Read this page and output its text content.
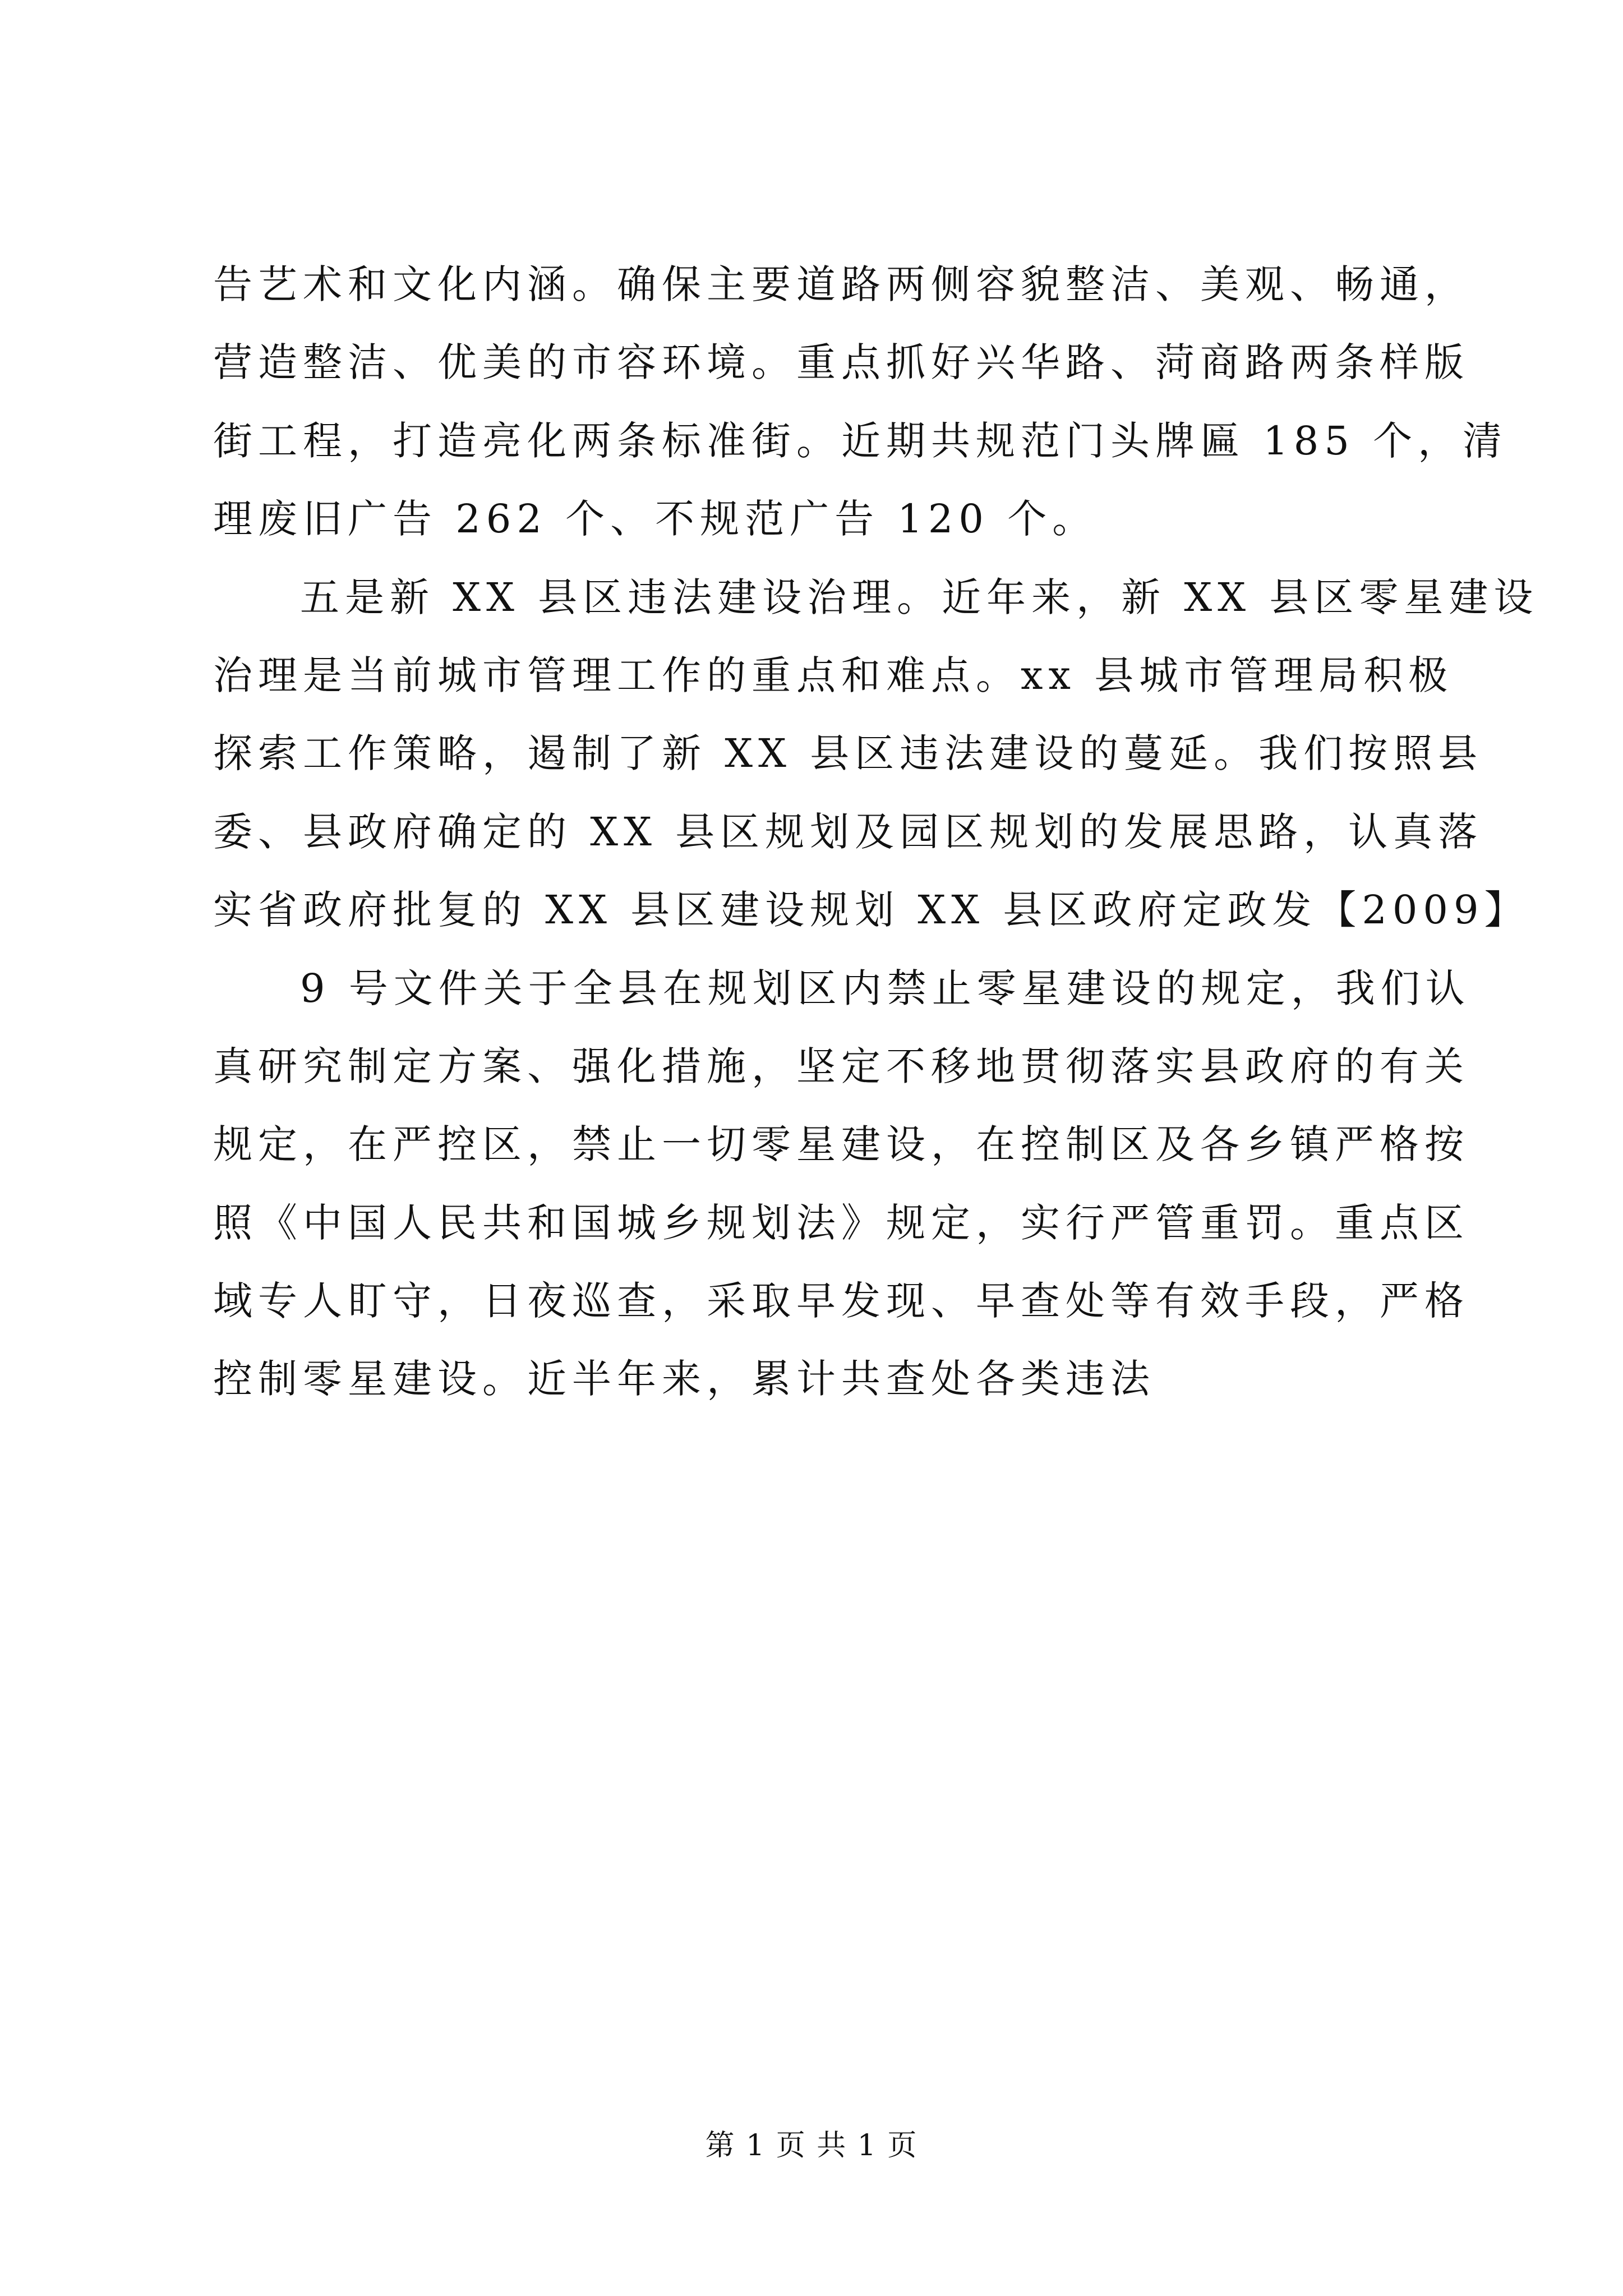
告艺术和文化内涵。确保主要道路两侧容貌整洁、美观、畅通，
营造整洁、优美的市容环境。重点抓好兴华路、菏商路两条样版
街工程，打造亮化两条标准街。近期共规范门头牌匾 185 个，清
理废旧广告 262 个、不规范广告 120 个。
五是新 XX 县区违法建设治理。近年来，新 XX 县区零星建设
治理是当前城市管理工作的重点和难点。xx 县城市管理局积极
探索工作策略，遏制了新 XX 县区违法建设的蔓延。我们按照县
委、县政府确定的 XX 县区规划及园区规划的发展思路，认真落
实省政府批复的 XX 县区建设规划 XX 县区政府定政发【2009】
9 号文件关于全县在规划区内禁止零星建设的规定，我们认
真研究制定方案、强化措施，坚定不移地贯彻落实县政府的有关
规定，在严控区，禁止一切零星建设，在控制区及各乡镇严格按
照《中国人民共和国城乡规划法》规定，实行严管重罚。重点区
域专人盯守，日夜巡查，采取早发现、早查处等有效手段，严格
控制零星建设。近半年来，累计共查处各类违法
第 1 页 共 1 页
